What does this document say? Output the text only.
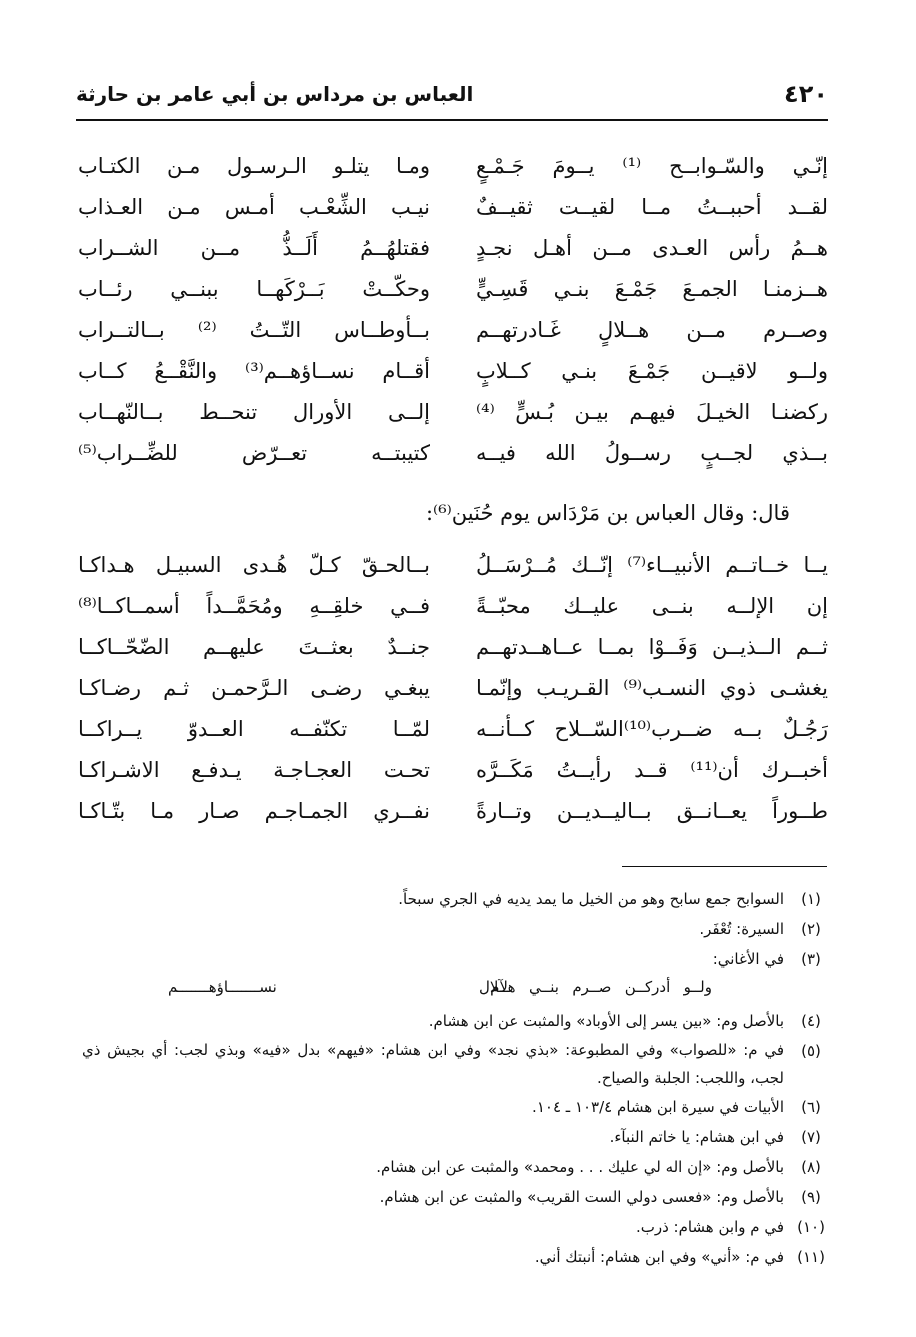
٤٢٠
العباس بن مرداس بن أبي عامر بن حارثة
إنّـي والسّـوابــح ⁽¹⁾ يــومَ جَـمْـعٍ
ومـا يتلـو الـرسـول مـن الكتـاب
لقــد أحببــتُ مــا لقيــت ثقيــفٌ
نيـب الشِّعْـب أمـس مـن العـذاب
هــمُ رأس العـدى مــن أهـل نجـدٍ
فقتلهُــمُ أَلَــذُّ مــن الشــراب
هــزمنـا الجمـعَ جَمْـعَ بنـي قَسِـيٍّ
وحكّــتْ بَــرْكَهــا ببنــي رئــاب
وصــرم مــن هــلالٍ غَـادرتهــم
بــأوطــاس التّــتُ ⁽²⁾ بــالتــراب
ولــو لاقيــن جَمْـعَ بنـي كــلابٍ
أقــام نســاؤهــم⁽³⁾ والنَّقْــعُ كــاب
ركضنـا الخيـلَ فيهـم بيـن بُـسٍّ ⁽⁴⁾
إلــى الأورال تنحــط بــالنّهــاب
بــذي لجــبٍ رســولُ الله فيــه
كتيبتــه تعــرّض للضِّــراب⁽⁵⁾
قال: وقال العباس بن مَرْدَاس يوم حُنَين⁽⁶⁾:
يــا خــاتــم الأنبيــاء⁽⁷⁾ إنّــك مُــرْسَــلُ
بــالحـقّ كـلّ هُـدى السبيـل هـداكـا
إن الإلــه بنــى عليــك محبّــةً
فــي خلقِــهِ ومُحَمَّــداً أسمــاكــا⁽⁸⁾
ثــم الــذيــن وَفَــوْا بمــا عــاهــدتهــم
جنــدٌ بعثــتَ عليهــم الضّحّــاكــا
يغشـى ذوي النسـب⁽⁹⁾ القـريـب وإنّمـا
يبغـي رضـى الـرَّحمـن ثـم رضـاكـا
رَجُـلٌ بــه ضــرب⁽¹⁰⁾السّــلاح كــأنــه
لمّــا تكنّفــه العــدوّ يــراكــا
أخبــرك أن⁽¹¹⁾ قــد رأيــتُ مَكَــرَّه
تحـت العجـاجـة يـدفـع الاشـراكـا
طــوراً يعــانــق بــاليــديــن وتــارةً
نفــري الجمـاجـم صـار مـا بتّـاكـا
(١)
السوابح جمع سابح وهو من الخيل ما يمد يديه في الجري سبحاً.
(٢)
السيرة: تُعْفَر.
(٣)
في الأغاني:
ولــو أدركــن صــرم بنــي هــلال
لآم نســـــــاؤهـــــــم
(٤)
بالأصل وم: «بين يسر إلى الأوباد» والمثبت عن ابن هشام.
(٥)
في م: «للصواب» وفي المطبوعة: «بذي نجد» وفي ابن هشام: «فيهم» بدل «فيه» وبذي لجب: أي بجيش ذي لجب، واللجب: الجلبة والصياح.
(٦)
الأبيات في سيرة ابن هشام ١٠٣/٤ ـ ١٠٤.
(٧)
في ابن هشام: يا خاتم النبآء.
(٨)
بالأصل وم: «إن اله لي عليك . . . ومحمد» والمثبت عن ابن هشام.
(٩)
بالأصل وم: «فعسى دولي الست القريب» والمثبت عن ابن هشام.
(١٠)
في م وابن هشام: ذرب.
(١١)
في م: «أني» وفي ابن هشام: أنبتك أني.
